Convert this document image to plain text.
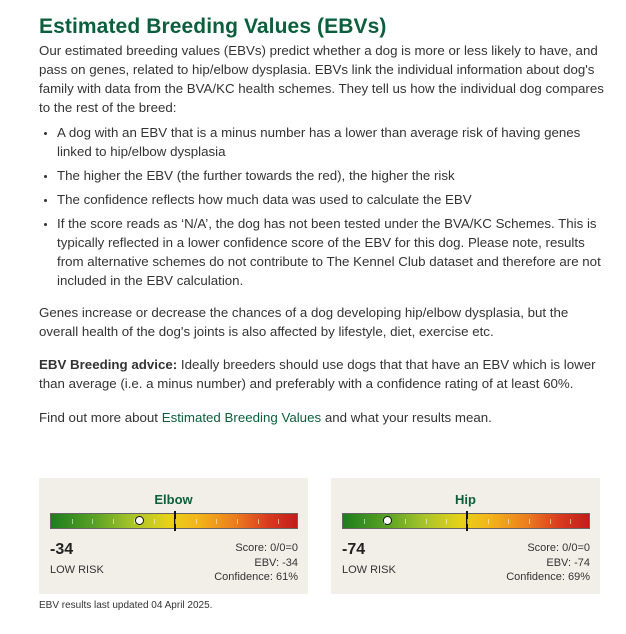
Estimated Breeding Values (EBVs)

Our estimated breeding values (EBVs) predict whether a dog is more or less likely to have, and pass on genes, related to hip/elbow dysplasia. EBVs link the individual information about dog's family with data from the BVA/KC health schemes. They tell us how the individual dog compares to the rest of the breed:

• A dog with an EBV that is a minus number has a lower than average risk of having genes linked to hip/elbow dysplasia
• The higher the EBV (the further towards the red), the higher the risk
• The confidence reflects how much data was used to calculate the EBV
• If the score reads as ‘N/A’, the dog has not been tested under the BVA/KC Schemes. This is typically reflected in a lower confidence score of the EBV for this dog. Please note, results from alternative schemes do not contribute to The Kennel Club dataset and therefore are not included in the EBV calculation.

Genes increase or decrease the chances of a dog developing hip/elbow dysplasia, but the overall health of the dog's joints is also affected by lifestyle, diet, exercise etc.

EBV Breeding advice: Ideally breeders should use dogs that that have an EBV which is lower than average (i.e. a minus number) and preferably with a confidence rating of at least 60%.

Find out more about Estimated Breeding Values and what your results mean.

Elbow
-34
LOW RISK
Score: 0/0=0
EBV: -34
Confidence: 61%
Hip
-74
LOW RISK
Score: 0/0=0
EBV: -74
Confidence: 69%
EBV results last updated 04 April 2025.
